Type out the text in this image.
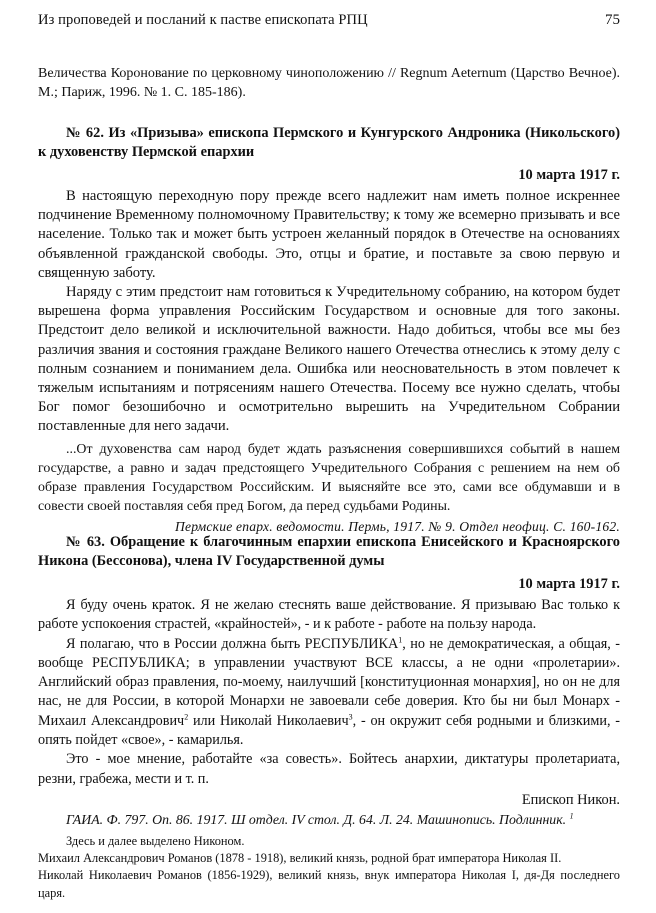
Из проповедей и посланий к пастве епископата РПЦ	75

Величества Коронование по церковному чиноположению // Regnum Aeternum (Царство Вечное). М.; Париж, 1996. № 1. С. 185-186).

№ 62. Из «Призыва» епископа Пермского и Кунгурского Андроника (Никольского) к духовенству Пермской епархии

10 марта 1917 г.

В настоящую переходную пору прежде всего надлежит нам иметь полное искреннее подчинение Временному полномочному Правительству; к тому же всемерно призывать и все население. Только так и может быть устроен желанный порядок в Отечестве на основаниях объявленной гражданской свободы. Это, отцы и братие, и поставьте за свою первую и священную заботу.

Наряду с этим предстоит нам готовиться к Учредительному собранию, на котором будет вырешена форма управления Российским Государством и основные для того законы. Предстоит дело великой и исключительной важности. Надо добиться, чтобы все мы без различия звания и состояния граждане Великого нашего Отечества отнеслись к этому делу с полным сознанием и пониманием дела. Ошибка или неосновательность в этом повлечет к тяжелым испытаниям и потрясениям нашего Отечества. Посему все нужно сделать, чтобы Бог помог безошибочно и осмотрительно вырешить на Учредительном Собрании поставленные для него задачи.

...От духовенства сам народ будет ждать разъяснения совершившихся событий в нашем государстве, а равно и задач предстоящего Учредительного Собрания с решением на нем об образе правления Государством Российским. И выясняйте все это, сами все обдумавши и в совести своей поставляя себя пред Богом, да перед судьбами Родины.

Пермские епарх. ведомости. Пермь, 1917. № 9. Отдел неофиц. С. 160-162.

№ 63. Обращение к благочинным епархии епископа Енисейского и Красноярского Никона (Бессонова), члена IV Государственной думы

10 марта 1917 г.

Я буду очень краток. Я не желаю стеснять ваше действование. Я призываю Вас только к работе успокоения страстей, «крайностей», - и к работе - работе на пользу народа.

Я полагаю, что в России должна быть РЕСПУБЛИКА$^1$, но не демократическая, а общая, - вообще РЕСПУБЛИКА; в управлении участвуют ВСЕ классы, а не одни «пролетарии». Английский образ правления, по-моему, наилучший [конституционная монархия], но он не для нас, не для России, в которой Монархи не завоевали себе доверия. Кто бы ни был Монарх - Михаил Александрович$^2$ или Николай Николаевич$^3$, - он окружит себя родными и близкими, - опять пойдет «свое», - камарилья.

Это - мое мнение, работайте «за совесть». Бойтесь анархии, диктатуры пролетариата, резни, грабежа, мести и т. п.

Епископ Никон.

ГАИА. Ф. 797. Оп. 86. 1917. Ш отдел. IV стол. Д. 64. Л. 24. Машинопись. Подлинник. $^1$

Здесь и далее выделено Никоном.

Михаил Александрович Романов (1878 - 1918), великий князь, родной брат императора Николая II.

Николай Николаевич Романов (1856-1929), великий князь, внук императора Николая I, дя-Дя последнего царя.
